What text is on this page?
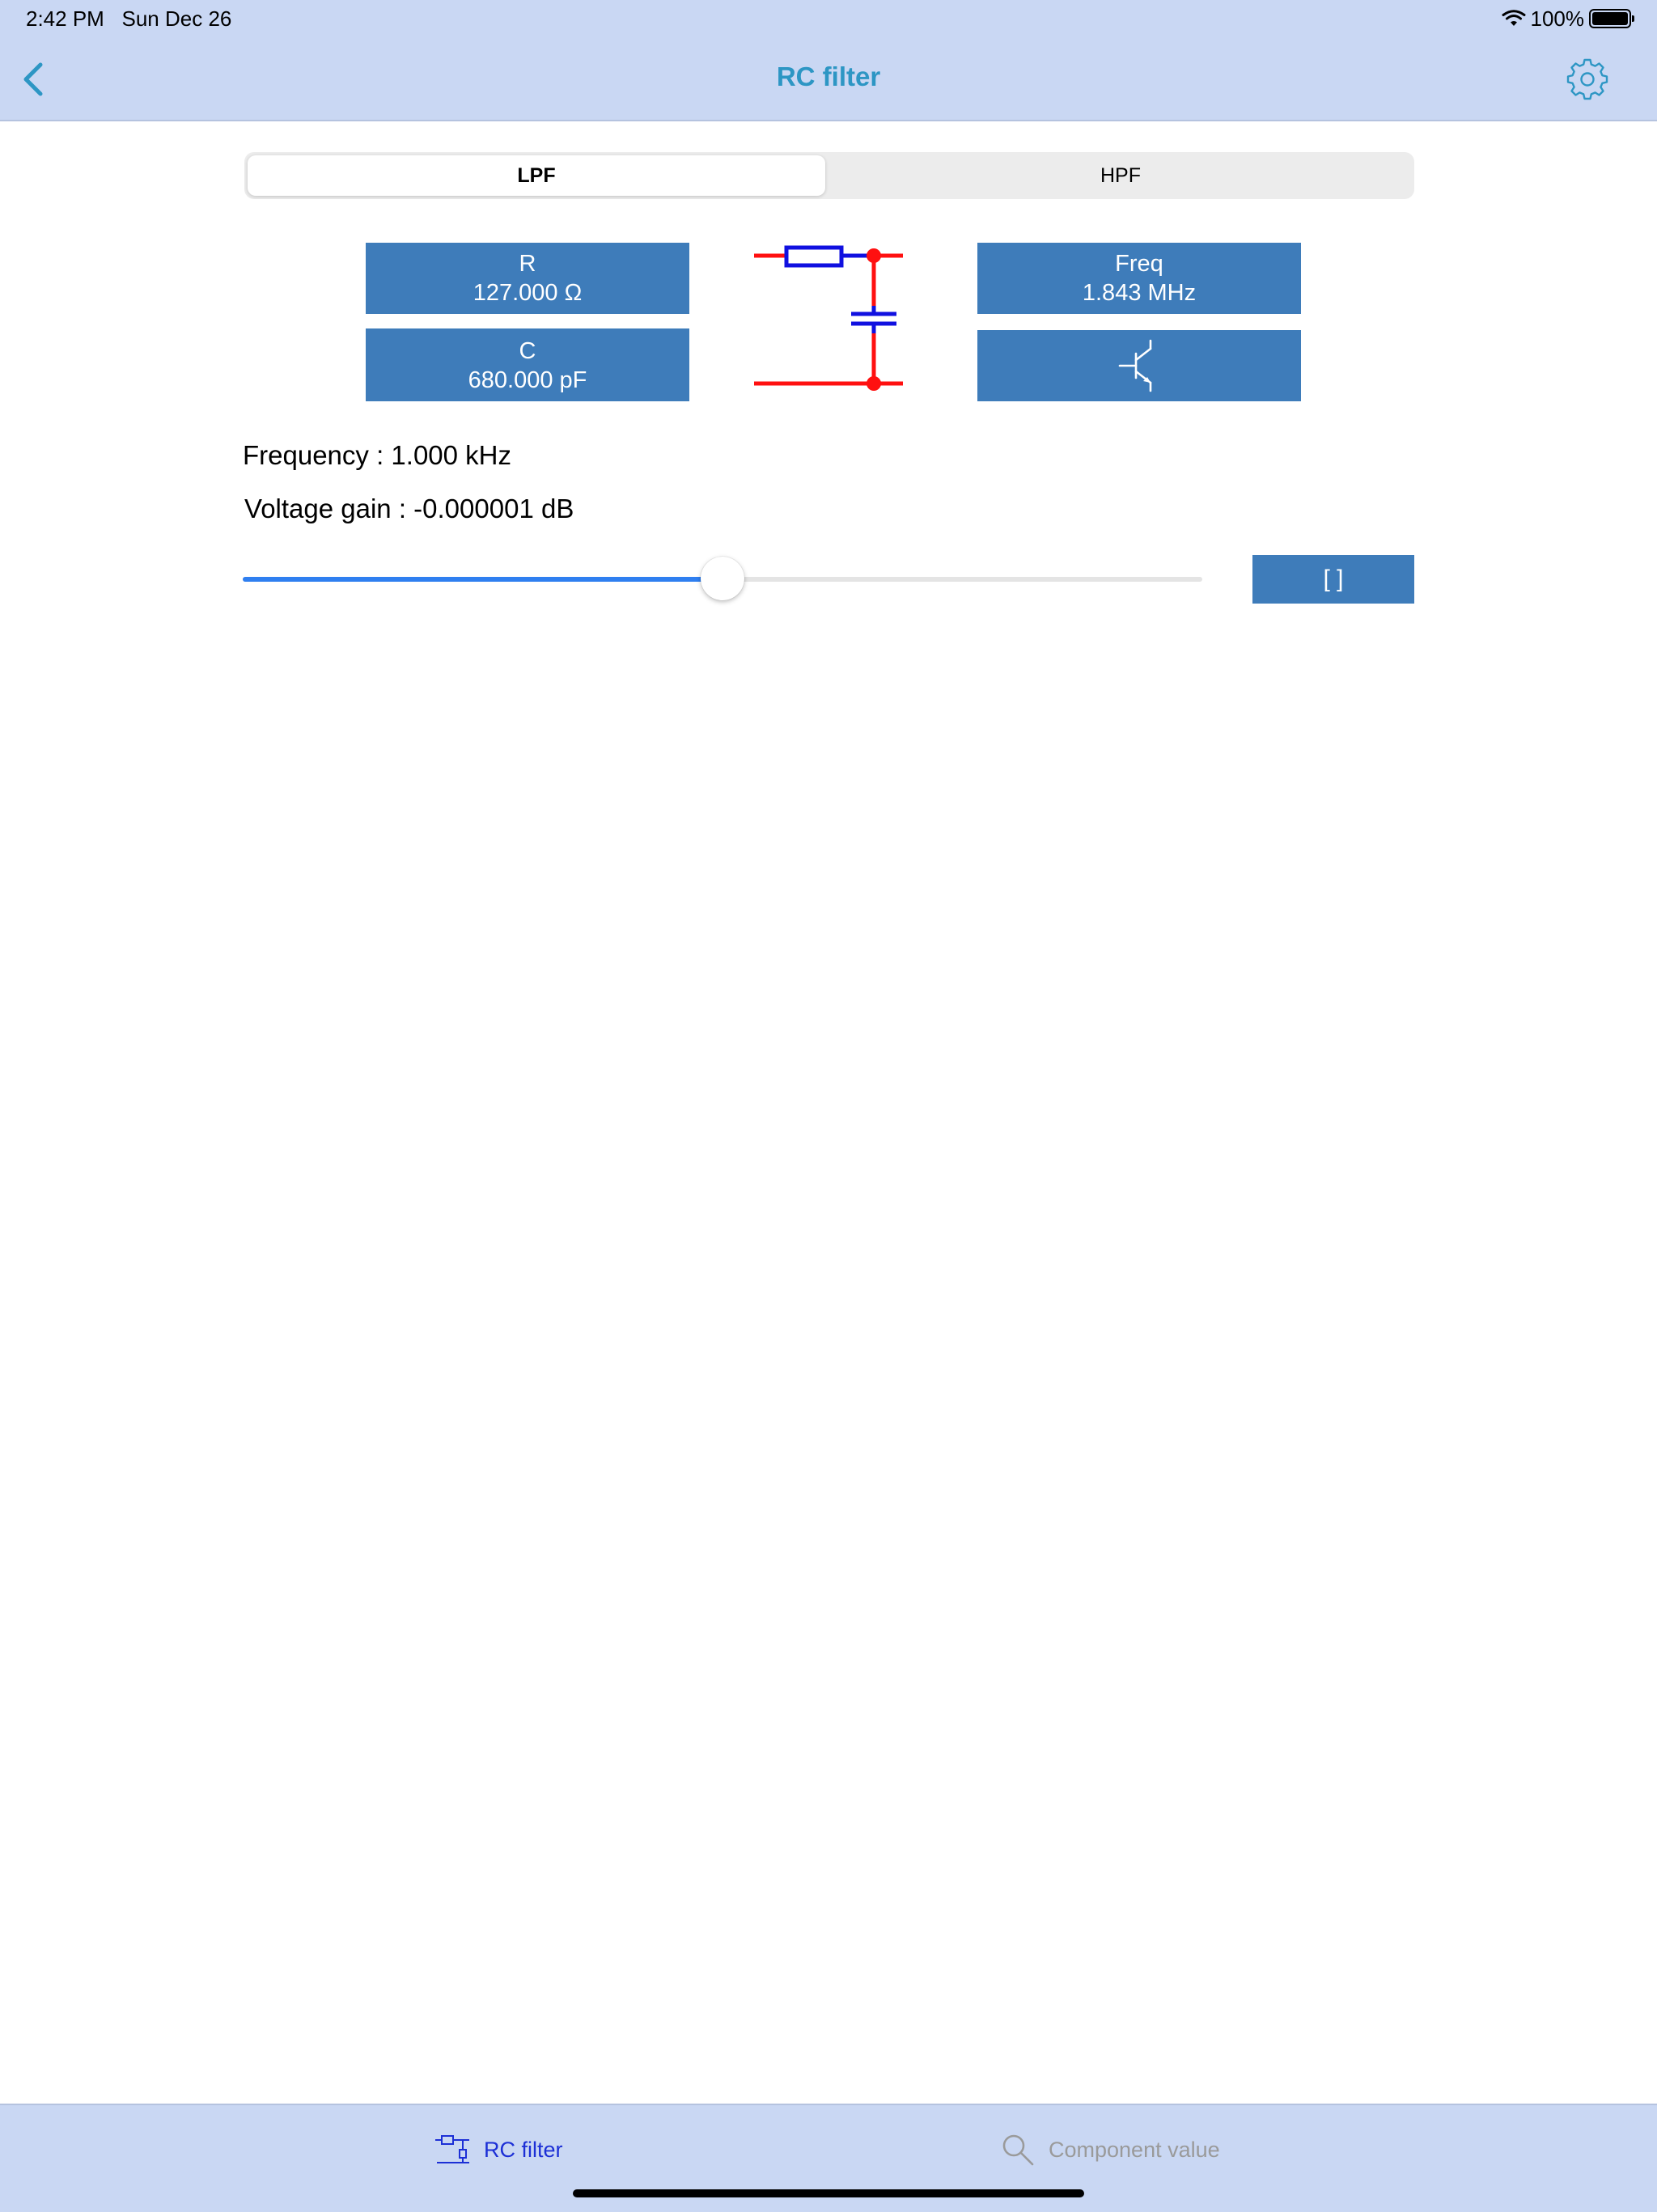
2:42 PM   Sun Dec 26	100%
RC filter
LPF	HPF
R
127.000 Ω
C
680.000 pF
Freq
1.843 MHz
Frequency : 1.000 kHz
Voltage gain : -0.000001 dB
[ ]
RC filter	Component value
